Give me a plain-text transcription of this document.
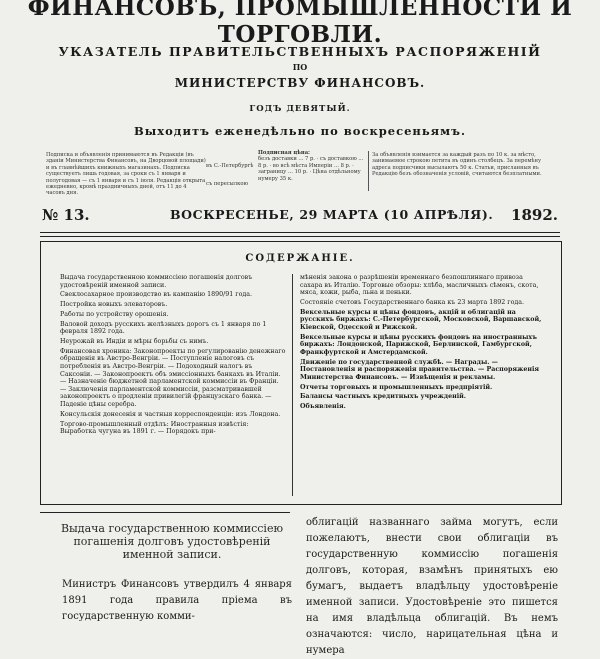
ФИНАНСОВЪ, ПРОМЫШЛЕННОСТИ И ТОРГОВЛИ.
УКАЗАТЕЛЬ ПРАВИТЕЛЬСТВЕННЫХЪ РАСПОРЯЖЕНІЙ
ПО
МИНИСТЕРСТВУ ФИНАНСОВЪ.
ГОДЪ ДЕВЯТЫЙ.
Выходитъ еженедѣльно по воскресеньямъ.
Подписка и объявленія принимаются въ Редакціи (въ зданіи Министерства Финансовъ, на Дворцовой площади) и въ главнѣйшихъ книжныхъ магазинахъ. Подписка существуетъ лишь годовая, за сроки съ 1 января и полугодовая — съ 1 января и съ 1 іюля. Редакція открыта ежедневно, кромѣ праздничныхъ дней, отъ 11 до 4 часовъ дня.
въ С.-Петербургѣ
съ пересылкою
Подписная цѣна:
безъ доставки ... 7 р. · съ доставкою ... 8 р. · во всѣ мѣста Имперіи ... 8 р. · заграницу ... 10 р. · Цѣна отдѣльному нумеру 35 к.
За объявленія взимается за каждый разъ по 10 к. за мѣсто, занимаемое строкою петита въ одинъ столбецъ. За перемѣну адреса подписчики высылаютъ 50 к. Статьи, присланныя въ Редакцію безъ обозначенія условій, считаются безплатными.
№ 13.	ВОСКРЕСЕНЬЕ, 29 МАРТА (10 АПРѢЛЯ). 1892.
СОДЕРЖАНІЕ.

Выдача государственною коммиссіею погашенія долговъ удостовѣреній именной записи.

Свеклосахарное производство въ кампанію 1890/91 года.

Постройка новыхъ элеваторовъ.

Работы по устройству орошенія.

Валовой доходъ русскихъ желѣзныхъ дорогъ съ 1 января по 1 февраля 1892 года.

Неурожай въ Индіи и мѣры борьбы съ нимъ.

Финансовая хроника: Законопроекты по регулированію денежнаго обращенія въ Австро-Венгріи. — Поступленіе налоговъ съ потребленія въ Австро-Венгріи. — Подоходный налогъ въ Саксоніи. — Законопроектъ объ эмиссіонныхъ банкахъ въ Италіи. — Назначеніе бюджетной парламентской коммиссіи въ Франціи. — Заключенія парламентской коммиссіи, разсматривавшей законопроектъ о продленіи привилегій французскаго банка. — Паденіе цѣны серебра.

Консульскія донесенія и частныя корреспонденціи: изъ Лондона.

Торгово-промышленный отдѣлъ: Иностранныя извѣстія: Выработка чугуна въ 1891 г. — Порядокъ при-

мѣненія закона о разрѣшеніи временнаго безпошлиннаго привоза сахара въ Италію. Торговые обзоры: хлѣба, масличныхъ сѣменъ, скота, мяса, кожи, рыба, льна и пеньки.

Состояніе счетовъ Государственнаго банка къ 23 марта 1892 года.

Вексельные курсы и цѣны фондовъ, акцій и облигацій на русскихъ биржахъ: С.-Петербургской, Московской, Варшавской, Кіевской, Одесской и Рижской.

Вексельные курсы и цѣны русскихъ фондовъ на иностранныхъ биржахъ: Лондонской, Парижской, Берлинской, Гамбургской, Франкфуртской и Амстердамской.

Движеніе по государственной службѣ. — Награды. — Постановленія и распоряженія правительства. — Распоряженія Министерства Финансовъ. — Извѣщенія и рекламы.

Отчеты торговыхъ и промышленныхъ предпріятій.

Балансы частныхъ кредитныхъ учрежденій.

Объявленія.

Выдача государственною коммиссіею погашенія долговъ удостовѣреній именной записи.
Министръ Финансовъ утвердилъ 4 января 1891 года правила пріема въ государственную комми-
облигацій названнаго займа могутъ, если пожелаютъ, внести свои облигаціи въ государственную коммиссію погашенія долговъ, которая, взамѣнъ принятыхъ ею бумагъ, выдаетъ владѣльцу удостовѣреніе именной записи. Удостовѣреніе это пишется на имя владѣльца облигацій. Въ немъ означаются: число, нарицательная цѣна и нумера
